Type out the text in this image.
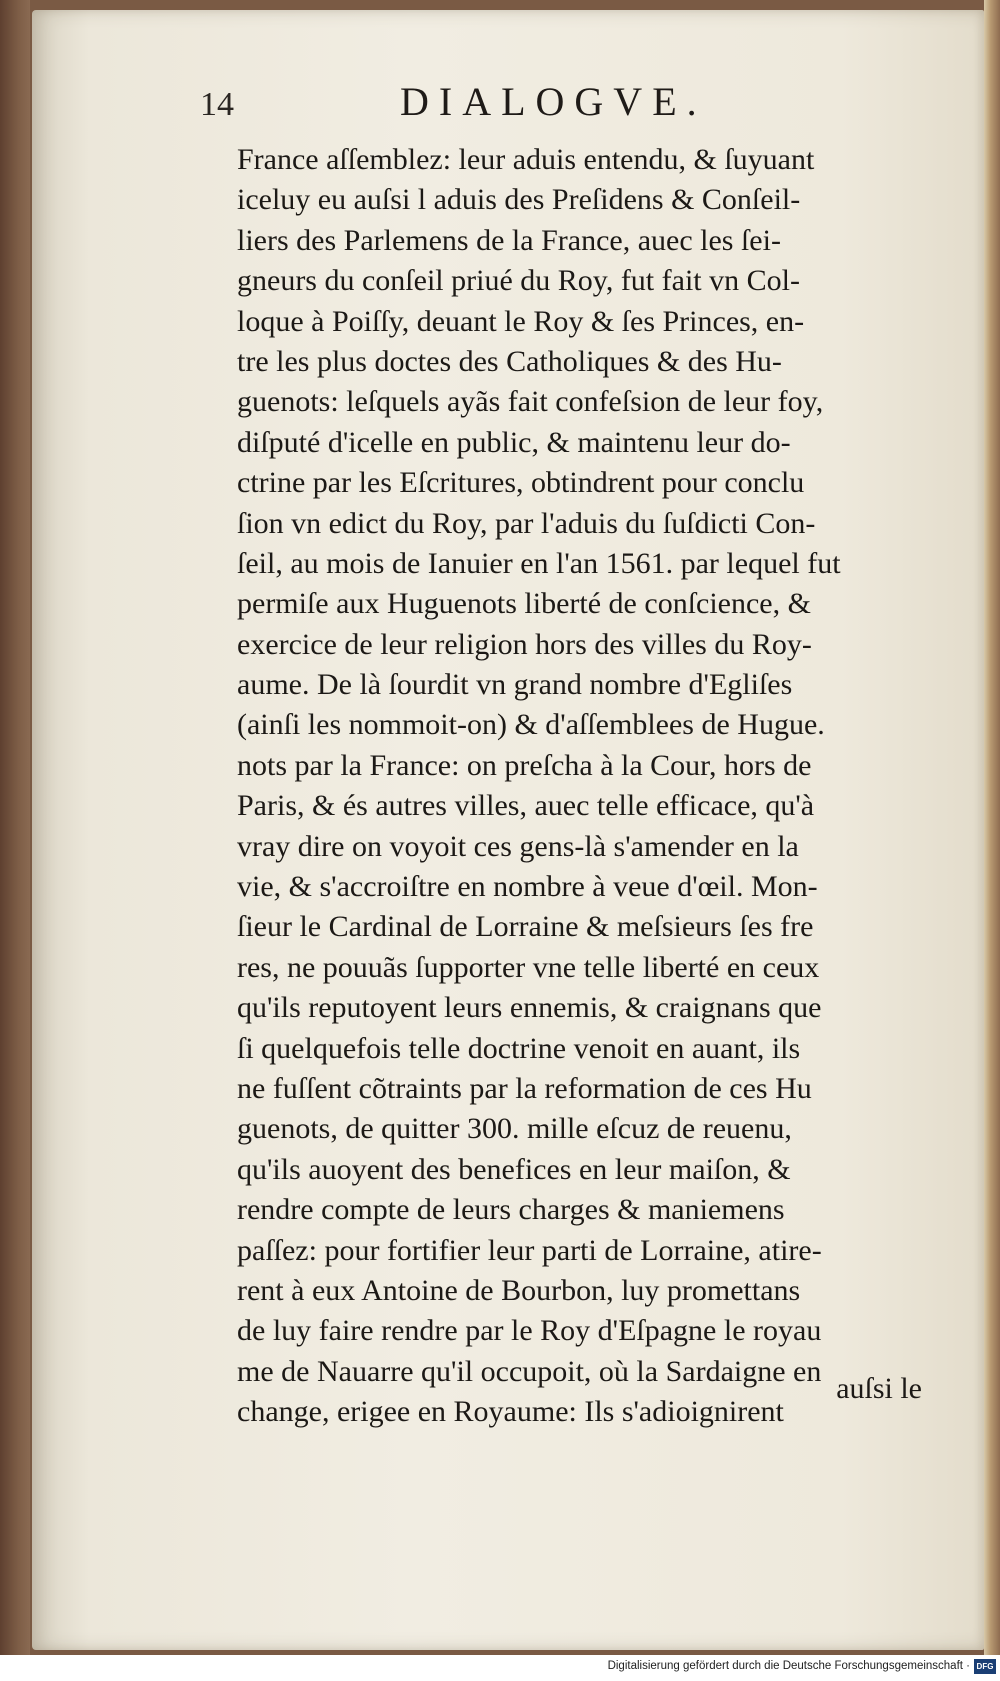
14	DIALOGVE.
France aſſemblez: leur aduis entendu, & ſuyuant
iceluy eu auſsi l aduis des Preſidens & Conſeil-
liers des Parlemens de la France, auec les ſei-
gneurs du conſeil priué du Roy, fut fait vn Col-
loque à Poiſſy, deuant le Roy & ſes Princes, en-
tre les plus doctes des Catholiques & des Hu-
guenots: leſquels ayãs fait confeſsion de leur foy,
diſputé d'icelle en public, & maintenu leur do-
ctrine par les Eſcritures, obtindrent pour conclu
ſion vn edict du Roy, par l'aduis du ſuſdicti Con-
ſeil, au mois de Ianuier en l'an 1561. par lequel fut
permiſe aux Huguenots liberté de conſcience, &
exercice de leur religion hors des villes du Roy-
aume. De là ſourdit vn grand nombre d'Egliſes
(ainſi les nommoit-on) & d'aſſemblees de Hugue.
nots par la France: on preſcha à la Cour, hors de
Paris, & és autres villes, auec telle efficace, qu'à
vray dire on voyoit ces gens-là s'amender en la
vie, & s'accroiſtre en nombre à veue d'œil. Mon-
ſieur le Cardinal de Lorraine & meſsieurs ſes fre
res, ne pouuãs ſupporter vne telle liberté en ceux
qu'ils reputoyent leurs ennemis, & craignans que
ſi quelquefois telle doctrine venoit en auant, ils
ne fuſſent cõtraints par la reformation de ces Hu
guenots, de quitter 300. mille eſcuz de reuenu,
qu'ils auoyent des benefices en leur maiſon, &
rendre compte de leurs charges & maniemens
paſſez: pour fortifier leur parti de Lorraine, atire-
rent à eux Antoine de Bourbon, luy promettans
de luy faire rendre par le Roy d'Eſpagne le royau
me de Nauarre qu'il occupoit, où la Sardaigne en
change, erigee en Royaume: Ils s'adioignirent
auſsi le
Digitalisierung gefördert durch die Deutsche Forschungsgemeinschaft · DFG
